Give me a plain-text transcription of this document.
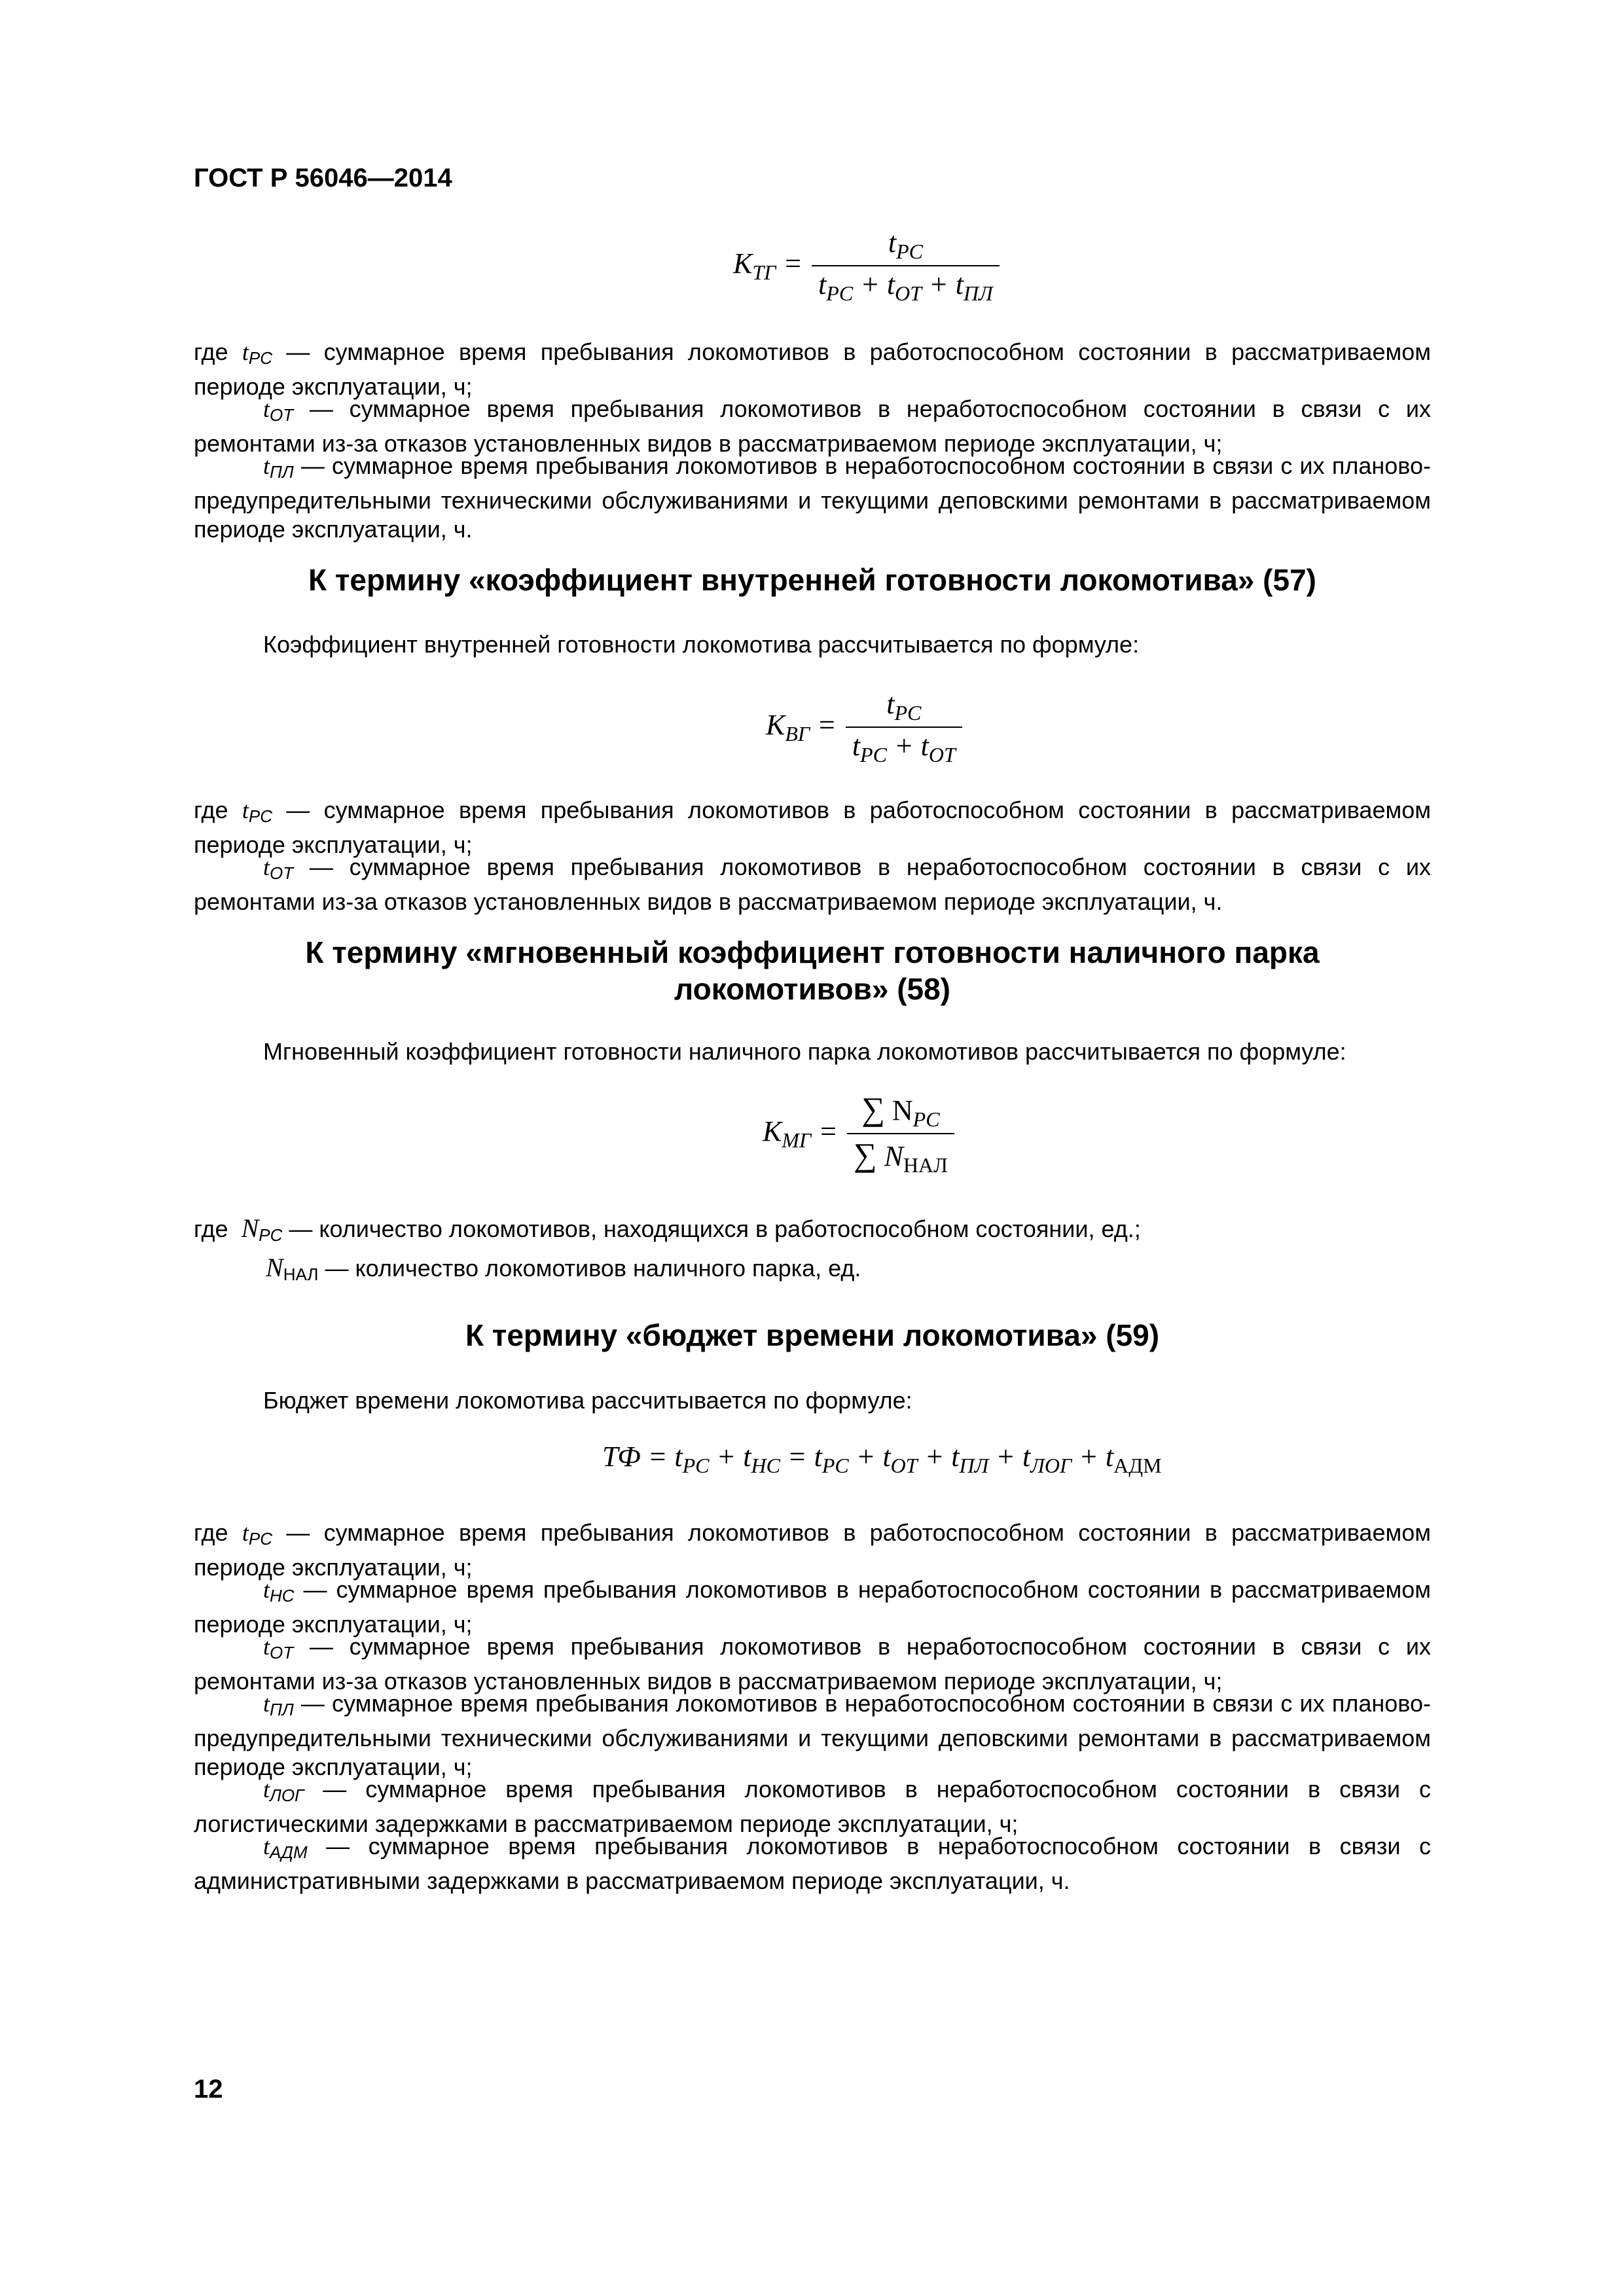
ГОСТ Р 56046—2014
$K_{ТГ} = \frac{t_{РС}}{t_{РС} + t_{ОТ} + t_{ПЛ}}$
где tРС — суммарное время пребывания локомотивов в работоспособном состоянии в рассматриваемом периоде эксплуатации, ч;
tОТ — суммарное время пребывания локомотивов в неработоспособном состоянии в связи с их ремонтами из-за отказов установленных видов в рассматриваемом периоде эксплуатации, ч;
tПЛ — суммарное время пребывания локомотивов в неработоспособном состоянии в связи с их планово-предупредительными техническими обслуживаниями и текущими деповскими ремонтами в рассматриваемом периоде эксплуатации, ч.
К термину «коэффициент внутренней готовности локомотива» (57)
Коэффициент внутренней готовности локомотива рассчитывается по формуле:
$K_{ВГ} = \frac{t_{РС}}{t_{РС} + t_{ОТ}}$
где tРС — суммарное время пребывания локомотивов в работоспособном состоянии в рассматриваемом периоде эксплуатации, ч;
tОТ — суммарное время пребывания локомотивов в неработоспособном состоянии в связи с их ремонтами из-за отказов установленных видов в рассматриваемом периоде эксплуатации, ч.
К термину «мгновенный коэффициент готовности наличного парка
локомотивов» (58)
Мгновенный коэффициент готовности наличного парка локомотивов рассчитывается по формуле:
$K_{МГ} = \frac{\sum N_{РС}}{\sum N_{НАЛ}}$
где  NРС — количество локомотивов, находящихся в работоспособном состоянии, ед.;
NНАЛ — количество локомотивов наличного парка, ед.
К термину «бюджет времени локомотива» (59)
Бюджет времени локомотива рассчитывается по формуле:
ТФ = $t_{РС} + t_{НС} = t_{РС} + t_{ОТ} + t_{ПЛ} + t_{ЛОГ} + t_{АДМ}$
где tРС — суммарное время пребывания локомотивов в работоспособном состоянии в рассматриваемом периоде эксплуатации, ч;
tНС — суммарное время пребывания локомотивов в неработоспособном состоянии в рассматриваемом периоде эксплуатации, ч;
tОТ — суммарное время пребывания локомотивов в неработоспособном состоянии в связи с их ремонтами из-за отказов установленных видов в рассматриваемом периоде эксплуатации, ч;
tПЛ — суммарное время пребывания локомотивов в неработоспособном состоянии в связи с их планово-предупредительными техническими обслуживаниями и текущими деповскими ремонтами в рассматриваемом периоде эксплуатации, ч;
tЛОГ — суммарное время пребывания локомотивов в неработоспособном состоянии в связи с логистическими задержками в рассматриваемом периоде эксплуатации, ч;
tАДМ — суммарное время пребывания локомотивов в неработоспособном состоянии в связи с административными задержками в рассматриваемом периоде эксплуатации, ч.
12
